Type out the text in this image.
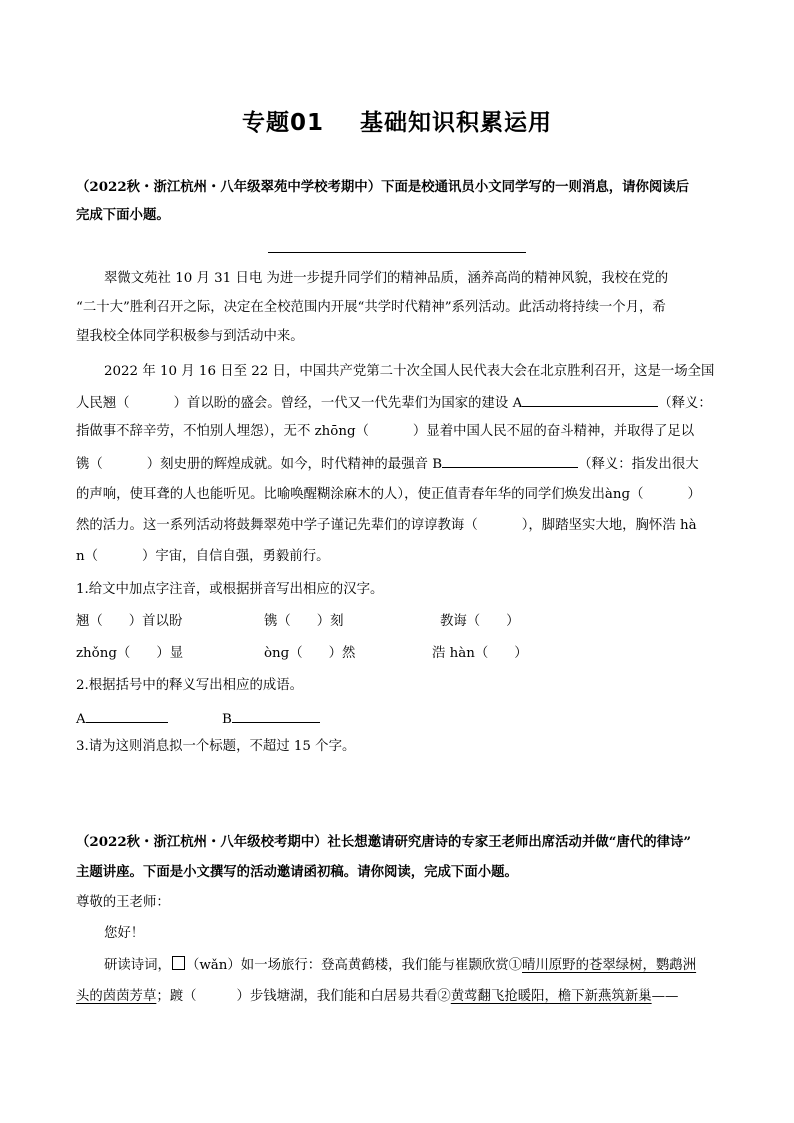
专题01 基础知识积累运用
（2022秋・浙江杭州・八年级翠苑中学校考期中）下面是校通讯员小文同学写的一则消息，请你阅读后
完成下面小题。
翠微文苑社 10 月 31 日电 为进一步提升同学们的精神品质，涵养高尚的精神风貌，我校在党的
“二十大”胜利召开之际，决定在全校范围内开展“共学时代精神”系列活动。此活动将持续一个月，希
望我校全体同学积极参与到活动中来。
2022 年 10 月 16 日至 22 日，中国共产党第二十次全国人民代表大会在北京胜利召开，这是一场全国
人民翘（	）首以盼的盛会。曾经，一代又一代先辈们为国家的建设 A	（释义：
指做事不辞辛劳，不怕别人埋怨），无不 zhōng（	）显着中国人民不屈的奋斗精神，并取得了足以
镌（	）刻史册的辉煌成就。如今，时代精神的最强音 B	（释义：指发出很大
的声响，使耳聋的人也能听见。比喻唤醒糊涂麻木的人），使正值青春年华的同学们焕发出ànɡ（	）
然的活力。这一系列活动将鼓舞翠苑中学子谨记先辈们的谆谆教诲（	），脚踏坚实大地，胸怀浩 hà
n（	）宇宙，自信自强，勇毅前行。
1.给文中加点字注音，或根据拼音写出相应的汉字。
翘（ ）首以盼	镌（ ）刻	教诲（ ）
zhǒng（ ）显	ònɡ（ ）然	浩 hàn（ ）
2.根据括号中的释义写出相应的成语。
A	B
3.请为这则消息拟一个标题，不超过 15 个字。
（2022秋・浙江杭州・八年级校考期中）社长想邀请研究唐诗的专家王老师出席活动并做“唐代的律诗”
主题讲座。下面是小文撰写的活动邀请函初稿。请你阅读，完成下面小题。
尊敬的王老师：
您好！
研读诗词， （wǎn）如一场旅行：登高黄鹤楼，我们能与崔颢欣赏①晴川原野的苍翠绿树，鹦鹉洲
头的茵茵芳草；踱（	）步钱塘湖，我们能和白居易共看②黄莺翻飞抢暖阳，檐下新燕筑新巢——
